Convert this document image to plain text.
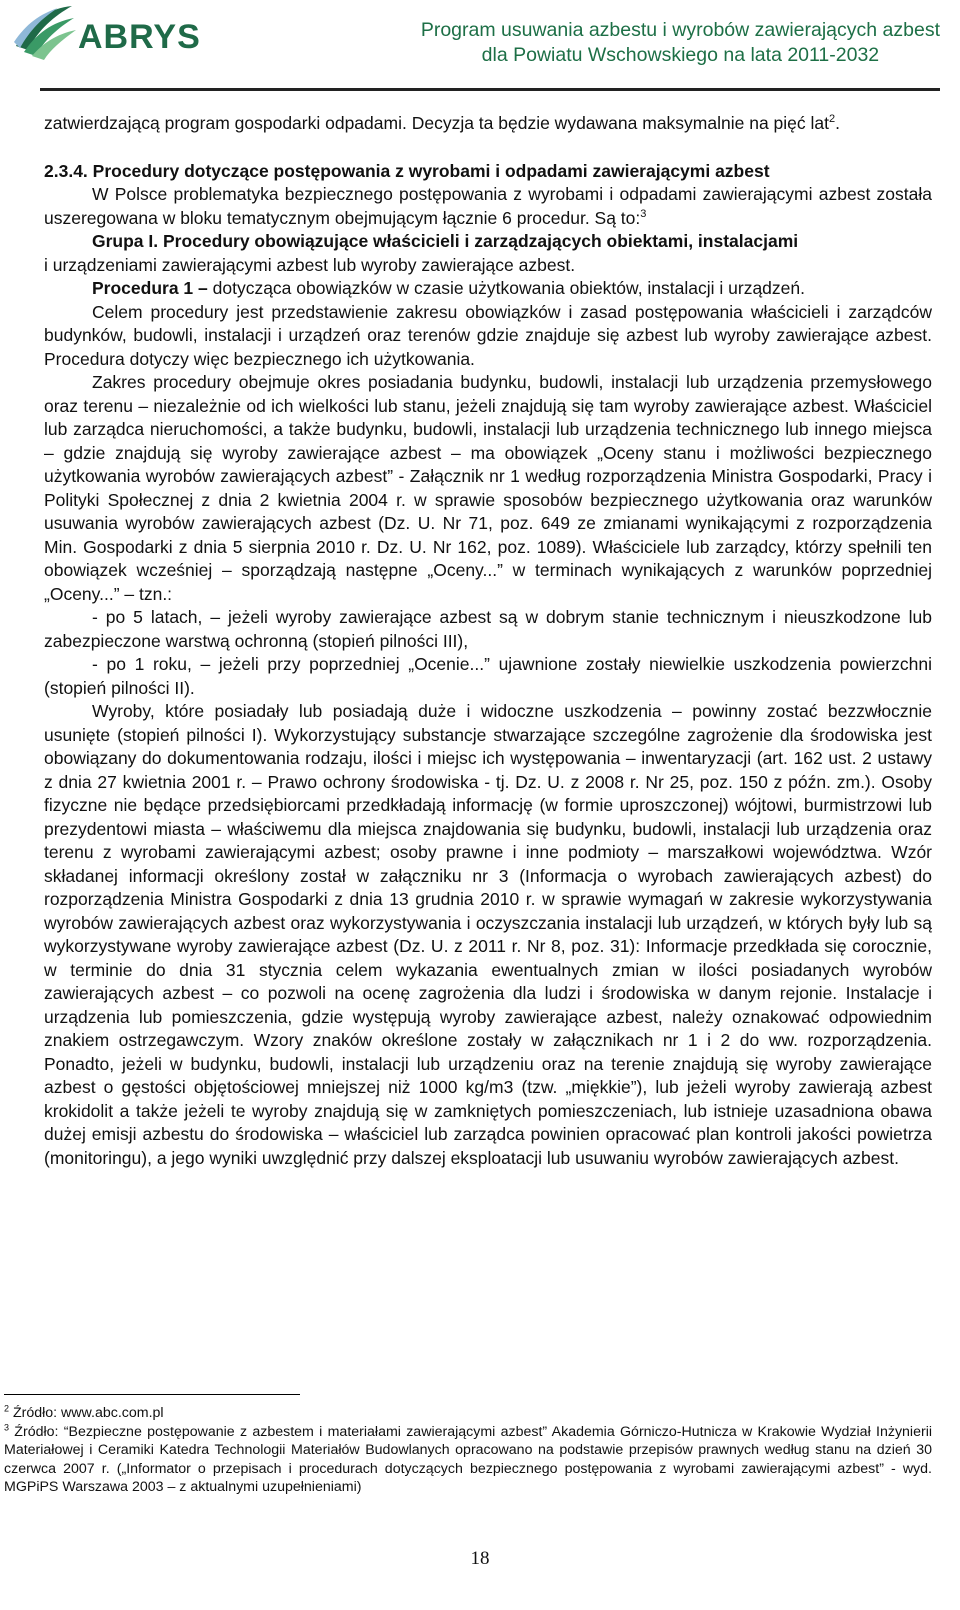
ABRYS	Program usuwania azbestu i wyrobów zawierających azbest
dla Powiatu Wschowskiego na lata 2011-2032

zatwierdzającą program gospodarki odpadami. Decyzja ta będzie wydawana maksymalnie na pięć lat$^2$.

2.3.4. Procedury dotyczące postępowania z wyrobami i odpadami zawierającymi azbest

W Polsce problematyka bezpiecznego postępowania z wyrobami i odpadami zawierającymi azbest została uszeregowana w bloku tematycznym obejmującym łącznie 6 procedur. Są to:$^3$

Grupa I. Procedury obowiązujące właścicieli i zarządzających obiektami, instalacjami

i urządzeniami zawierającymi azbest lub wyroby zawierające azbest.

Procedura 1 – dotycząca obowiązków w czasie użytkowania obiektów, instalacji i urządzeń.

Celem procedury jest przedstawienie zakresu obowiązków i zasad postępowania właścicieli i zarządców budynków, budowli, instalacji i urządzeń oraz terenów gdzie znajduje się azbest lub wyroby zawierające azbest. Procedura dotyczy więc bezpiecznego ich użytkowania.

Zakres procedury obejmuje okres posiadania budynku, budowli, instalacji lub urządzenia przemysłowego oraz terenu – niezależnie od ich wielkości lub stanu, jeżeli znajdują się tam wyroby zawierające azbest. Właściciel lub zarządca nieruchomości, a także budynku, budowli, instalacji lub urządzenia technicznego lub innego miejsca – gdzie znajdują się wyroby zawierające azbest – ma obowiązek „Oceny stanu i możliwości bezpiecznego użytkowania wyrobów zawierających azbest” - Załącznik nr 1 według rozporządzenia Ministra Gospodarki, Pracy i Polityki Społecznej z dnia 2 kwietnia 2004 r. w sprawie sposobów bezpiecznego użytkowania oraz warunków usuwania wyrobów zawierających azbest (Dz. U. Nr 71, poz. 649 ze zmianami wynikającymi z rozporządzenia Min. Gospodarki z dnia 5 sierpnia 2010 r. Dz. U. Nr 162, poz. 1089). Właściciele lub zarządcy, którzy spełnili ten obowiązek wcześniej – sporządzają następne „Oceny...” w terminach wynikających z warunków poprzedniej „Oceny...” – tzn.:

- po 5 latach, – jeżeli wyroby zawierające azbest są w dobrym stanie technicznym i nieuszkodzone lub zabezpieczone warstwą ochronną (stopień pilności III),

- po 1 roku, – jeżeli przy poprzedniej „Ocenie...” ujawnione zostały niewielkie uszkodzenia powierzchni (stopień pilności II).

Wyroby, które posiadały lub posiadają duże i widoczne uszkodzenia – powinny zostać bezzwłocznie usunięte (stopień pilności I). Wykorzystujący substancje stwarzające szczególne zagrożenie dla środowiska jest obowiązany do dokumentowania rodzaju, ilości i miejsc ich występowania – inwentaryzacji (art. 162 ust. 2 ustawy z dnia 27 kwietnia 2001 r. – Prawo ochrony środowiska - tj. Dz. U. z 2008 r. Nr 25, poz. 150 z późn. zm.). Osoby fizyczne nie będące przedsiębiorcami przedkładają informację (w formie uproszczonej) wójtowi, burmistrzowi lub prezydentowi miasta – właściwemu dla miejsca znajdowania się budynku, budowli, instalacji lub urządzenia oraz terenu z wyrobami zawierającymi azbest; osoby prawne i inne podmioty – marszałkowi województwa. Wzór składanej informacji określony został w załączniku nr 3 (Informacja o wyrobach zawierających azbest) do rozporządzenia Ministra Gospodarki z dnia 13 grudnia 2010 r. w sprawie wymagań w zakresie wykorzystywania wyrobów zawierających azbest oraz wykorzystywania i oczyszczania instalacji lub urządzeń, w których były lub są wykorzystywane wyroby zawierające azbest (Dz. U. z 2011 r. Nr 8, poz. 31): Informacje przedkłada się corocznie, w terminie do dnia 31 stycznia celem wykazania ewentualnych zmian w ilości posiadanych wyrobów zawierających azbest – co pozwoli na ocenę zagrożenia dla ludzi i środowiska w danym rejonie. Instalacje i urządzenia lub pomieszczenia, gdzie występują wyroby zawierające azbest, należy oznakować odpowiednim znakiem ostrzegawczym. Wzory znaków określone zostały w załącznikach nr 1 i 2 do ww. rozporządzenia. Ponadto, jeżeli w budynku, budowli, instalacji lub urządzeniu oraz na terenie znajdują się wyroby zawierające azbest o gęstości objętościowej mniejszej niż 1000 kg/m3 (tzw. „miękkie”), lub jeżeli wyroby zawierają azbest krokidolit a także jeżeli te wyroby znajdują się w zamkniętych pomieszczeniach, lub istnieje uzasadniona obawa dużej emisji azbestu do środowiska – właściciel lub zarządca powinien opracować plan kontroli jakości powietrza (monitoringu), a jego wyniki uwzględnić przy dalszej eksploatacji lub usuwaniu wyrobów zawierających azbest.

$^2$ Źródło: www.abc.com.pl

$^3$ Źródło: “Bezpieczne postępowanie z azbestem i materiałami zawierającymi azbest” Akademia Górniczo-Hutnicza w Krakowie Wydział Inżynierii Materiałowej i Ceramiki Katedra Technologii Materiałów Budowlanych opracowano na podstawie przepisów prawnych według stanu na dzień 30 czerwca 2007 r. („Informator o przepisach i procedurach dotyczących bezpiecznego postępowania z wyrobami zawierającymi azbest” - wyd. MGPiPS Warszawa 2003 – z aktualnymi uzupełnieniami)

18
